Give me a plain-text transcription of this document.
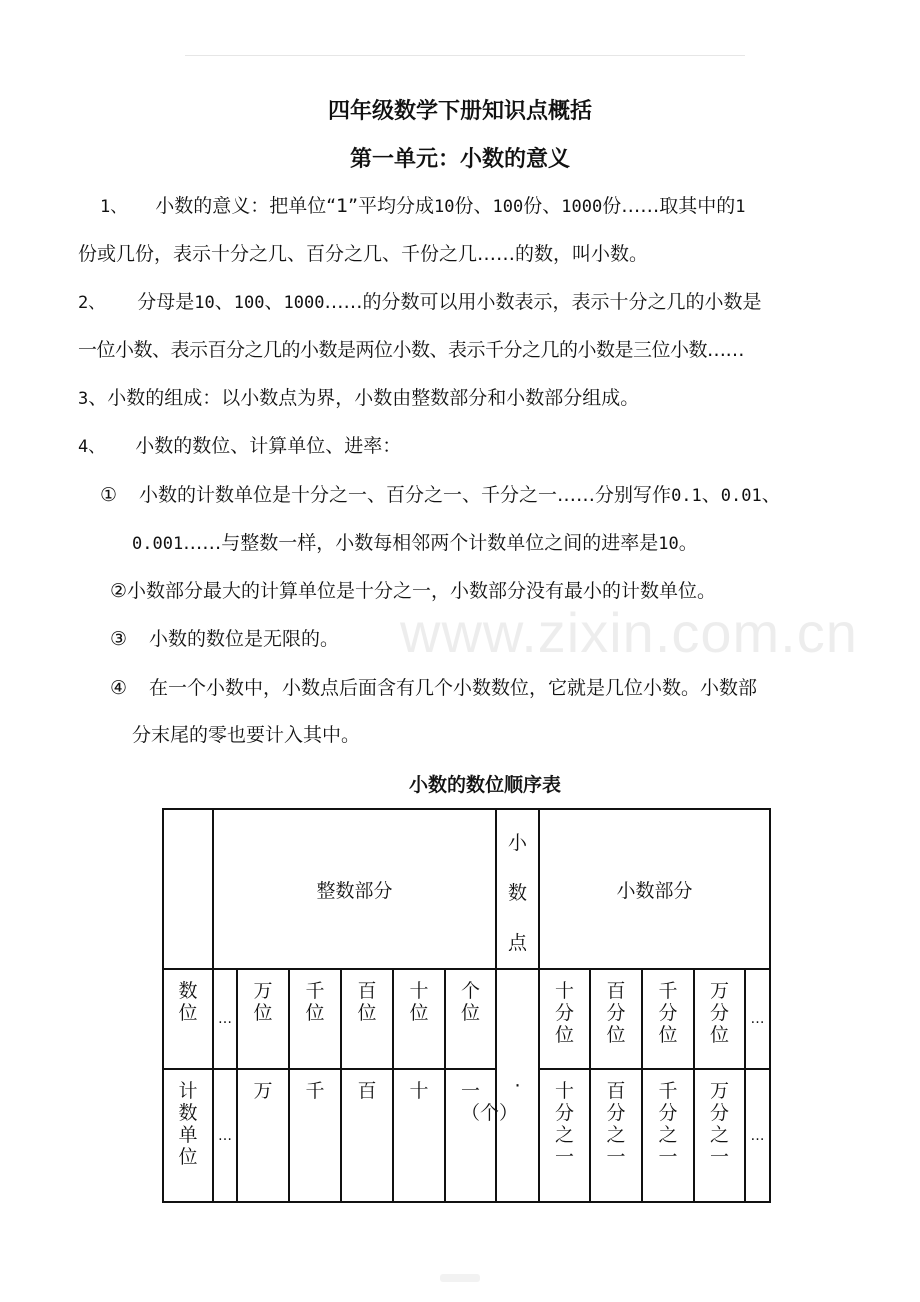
四年级数学下册知识点概括
第一单元：小数的意义
1、 小数的意义：把单位“1”平均分成10份、100份、1000份……取其中的1
份或几份，表示十分之几、百分之几、千份之几……的数，叫小数。
2、 分母是10、100、1000……的分数可以用小数表示，表示十分之几的小数是
一位小数、表示百分之几的小数是两位小数、表示千分之几的小数是三位小数……
3、小数的组成：以小数点为界，小数由整数部分和小数部分组成。
4、 小数的数位、计算单位、进率：
① 小数的计数单位是十分之一、百分之一、千分之一……分别写作0.1、0.01、
0.001……与整数一样，小数每相邻两个计数单位之间的进率是10。
②小数部分最大的计算单位是十分之一，小数部分没有最小的计数单位。
③ 小数的数位是无限的。
④ 在一个小数中，小数点后面含有几个小数数位，它就是几位小数。小数部
分末尾的零也要计入其中。
www.zixin.com.cn
小数的数位顺序表
	整数部分						小数点	小数部分				
数位	…	万位	千位	百位	十位	个位	·	十分位	百分位	千分位	万分位	…
计数单位	…	万	千	百	十	一（个）		十分之一	百分之一	千分之一	万分之一	…
